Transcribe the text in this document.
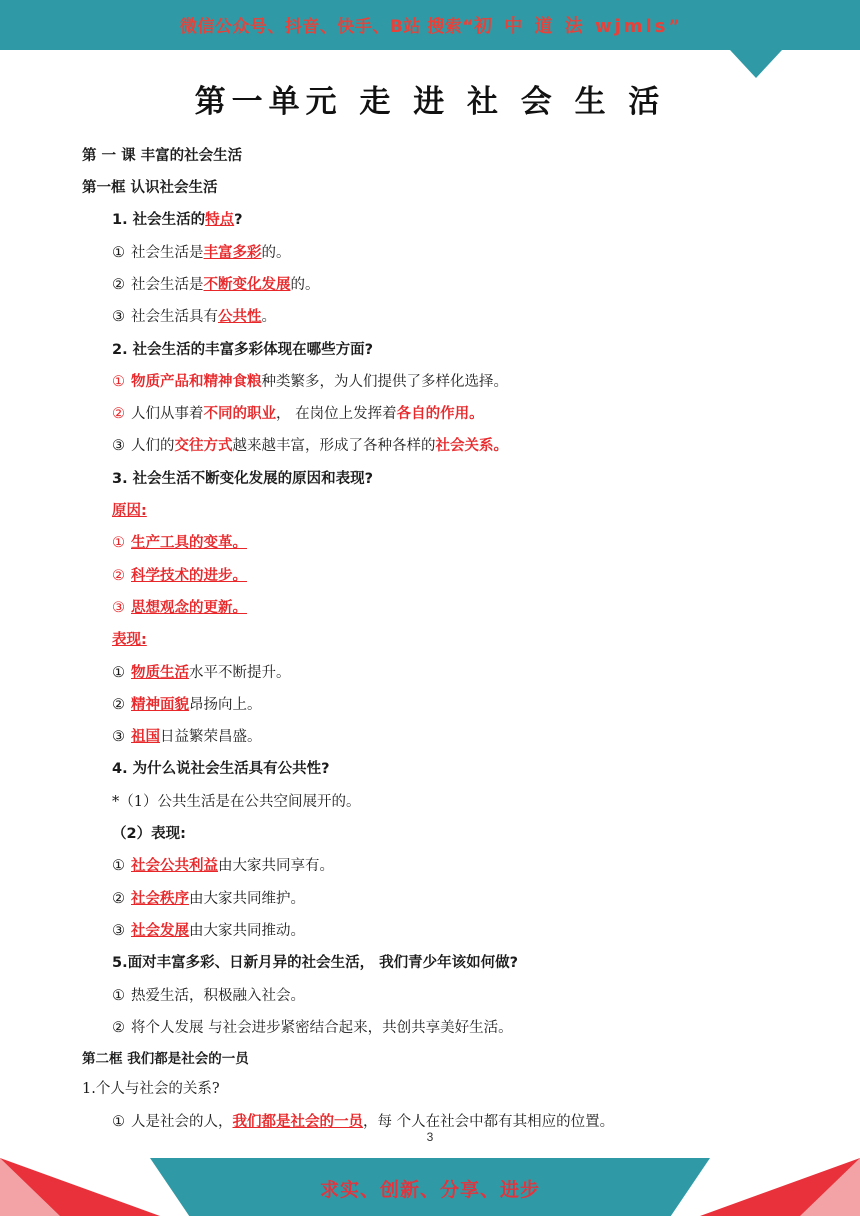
微信公众号、抖音、快手、B站 搜索“初 中 道 法 wjmls”
第一单元 走 进 社 会 生 活
第 一 课 丰富的社会生活
第一框 认识社会生活
1. 社会生活的特点?
① 社会生活是丰富多彩的。
② 社会生活是不断变化发展的。
③ 社会生活具有公共性。
2. 社会生活的丰富多彩体现在哪些方面?
① 物质产品和精神食粮种类繁多，为人们提供了多样化选择。
② 人们从事着不同的职业， 在岗位上发挥着各自的作用。
③ 人们的交往方式越来越丰富，形成了各种各样的社会关系。
3. 社会生活不断变化发展的原因和表现?
原因:
① 生产工具的变革。
② 科学技术的进步。
③ 思想观念的更新。
表现:
① 物质生活水平不断提升。
② 精神面貌昂扬向上。
③ 祖国日益繁荣昌盛。
4. 为什么说社会生活具有公共性?
*（1）公共生活是在公共空间展开的。
（2）表现:
① 社会公共利益由大家共同享有。
② 社会秩序由大家共同维护。
③ 社会发展由大家共同推动。
5.面对丰富多彩、日新月异的社会生活， 我们青少年该如何做?
① 热爱生活，积极融入社会。
② 将个人发展 与社会进步紧密结合起来，共创共享美好生活。
第二框 我们都是社会的一员
1.个人与社会的关系?
① 人是社会的人，我们都是社会的一员，每 个人在社会中都有其相应的位置。
3
求实、创新、分享、进步
